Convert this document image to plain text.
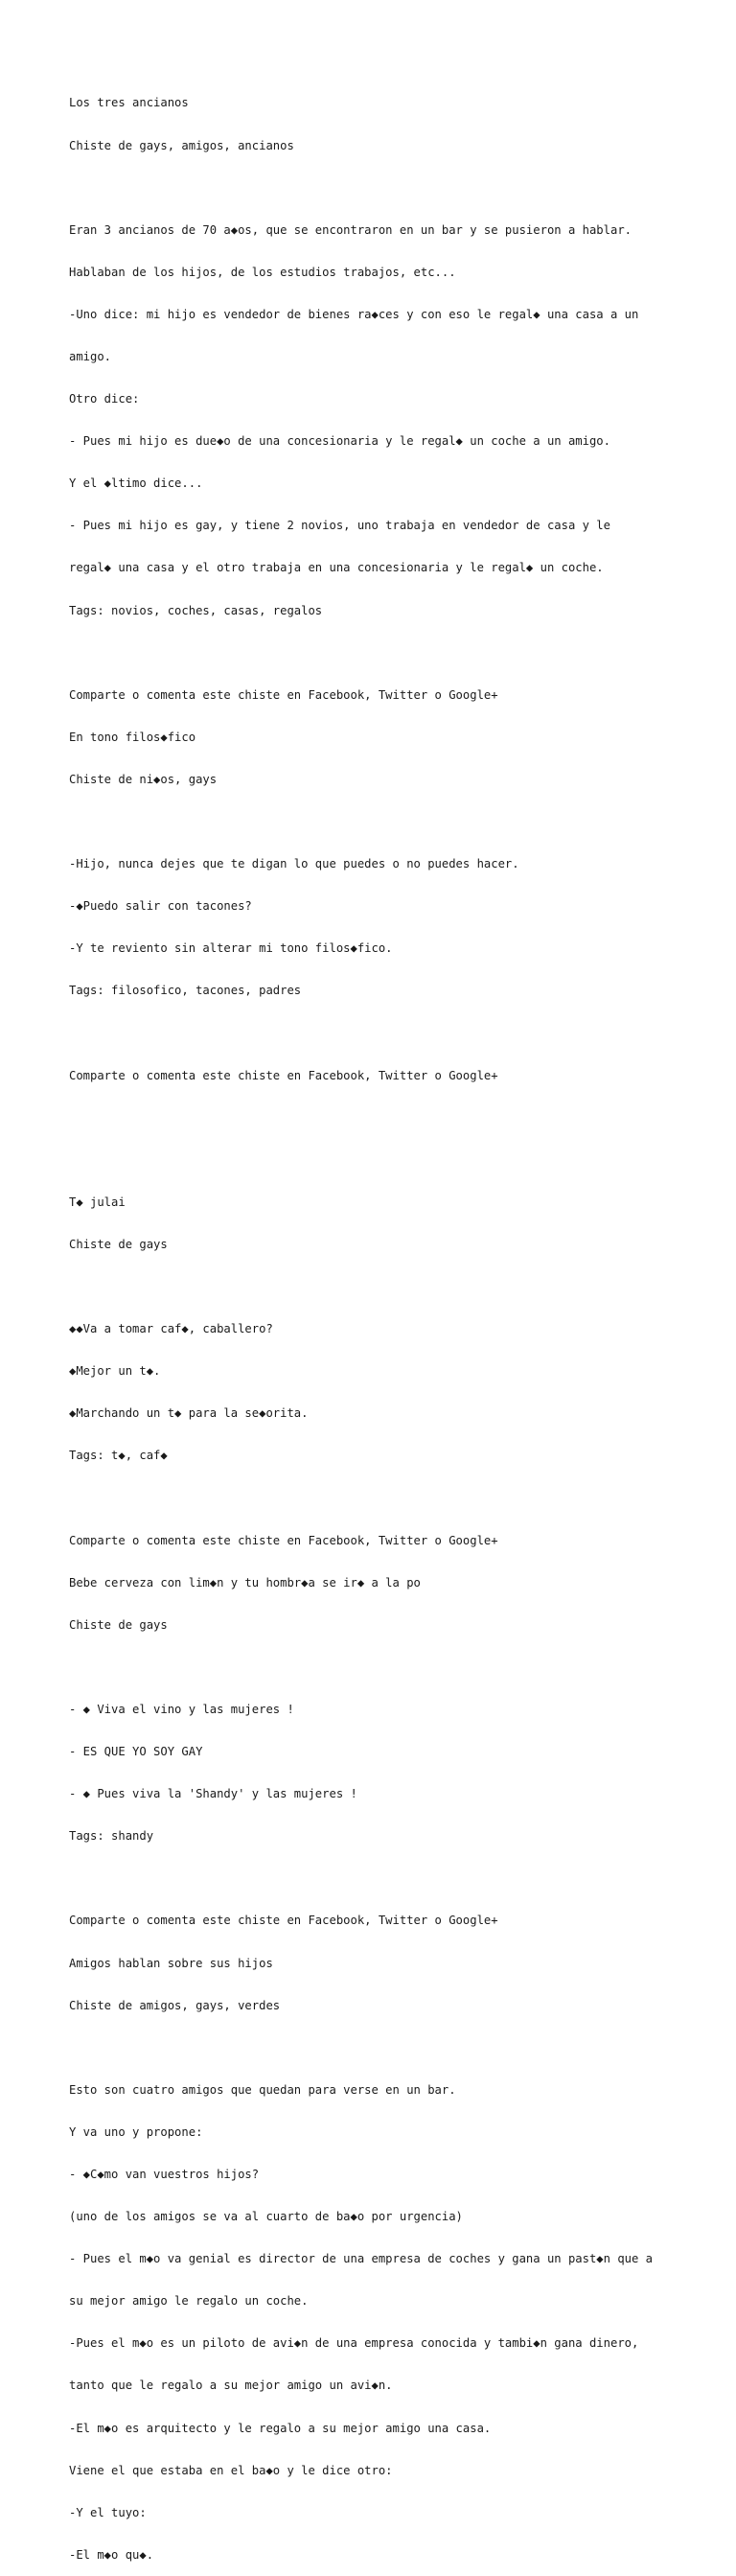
Los tres ancianos

Chiste de gays, amigos, ancianos

Eran 3 ancianos de 70 a◆os, que se encontraron en un bar y se pusieron a hablar.

Hablaban de los hijos, de los estudios trabajos, etc...

-Uno dice: mi hijo es vendedor de bienes ra◆ces y con eso le regal◆ una casa a un

amigo.

Otro dice:

- Pues mi hijo es due◆o de una concesionaria y le regal◆ un coche a un amigo.

Y el ◆ltimo dice...

- Pues mi hijo es gay, y tiene 2 novios, uno trabaja en vendedor de casa y le

regal◆ una casa y el otro trabaja en una concesionaria y le regal◆ un coche.

Tags: novios, coches, casas, regalos

Comparte o comenta este chiste en Facebook, Twitter o Google+

En tono filos◆fico

Chiste de ni◆os, gays

-Hijo, nunca dejes que te digan lo que puedes o no puedes hacer.

-◆Puedo salir con tacones?

-Y te reviento sin alterar mi tono filos◆fico.

Tags: filosofico, tacones, padres

Comparte o comenta este chiste en Facebook, Twitter o Google+

T◆ julai

Chiste de gays

◆◆Va a tomar caf◆, caballero?

◆Mejor un t◆.

◆Marchando un t◆ para la se◆orita.

Tags: t◆, caf◆

Comparte o comenta este chiste en Facebook, Twitter o Google+

Bebe cerveza con lim◆n y tu hombr◆a se ir◆ a la po

Chiste de gays

- ◆ Viva el vino y las mujeres !

- ES QUE YO SOY GAY

- ◆ Pues viva la 'Shandy' y las mujeres !

Tags: shandy

Comparte o comenta este chiste en Facebook, Twitter o Google+

Amigos hablan sobre sus hijos

Chiste de amigos, gays, verdes

Esto son cuatro amigos que quedan para verse en un bar.

Y va uno y propone:

- ◆C◆mo van vuestros hijos?

(uno de los amigos se va al cuarto de ba◆o por urgencia)

- Pues el m◆o va genial es director de una empresa de coches y gana un past◆n que a

su mejor amigo le regalo un coche.

-Pues el m◆o es un piloto de avi◆n de una empresa conocida y tambi◆n gana dinero,

tanto que le regalo a su mejor amigo un avi◆n.

-El m◆o es arquitecto y le regalo a su mejor amigo una casa.

Viene el que estaba en el ba◆o y le dice otro:

-Y el tuyo:

-El m◆o qu◆.
